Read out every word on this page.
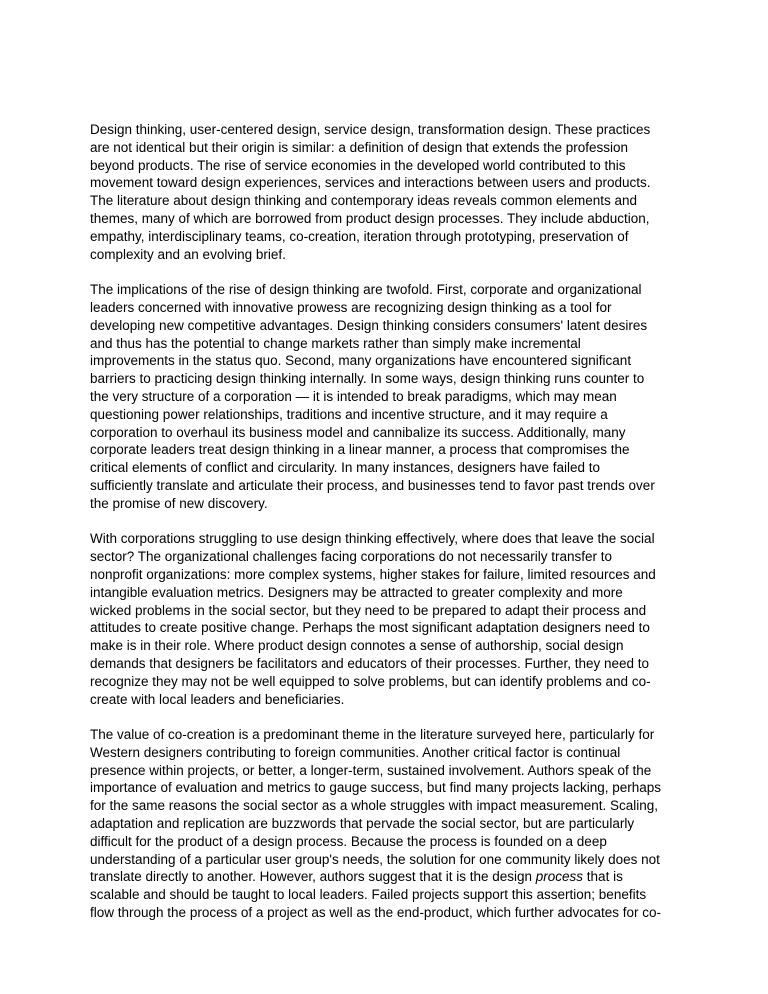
Design thinking, user-centered design, service design, transformation design. These practices
are not identical but their origin is similar: a definition of design that extends the profession
beyond products. The rise of service economies in the developed world contributed to this
movement toward design experiences, services and interactions between users and products.
The literature about design thinking and contemporary ideas reveals common elements and
themes, many of which are borrowed from product design processes. They include abduction,
empathy, interdisciplinary teams, co-creation, iteration through prototyping, preservation of
complexity and an evolving brief.

The implications of the rise of design thinking are twofold. First, corporate and organizational
leaders concerned with innovative prowess are recognizing design thinking as a tool for
developing new competitive advantages. Design thinking considers consumers' latent desires
and thus has the potential to change markets rather than simply make incremental
improvements in the status quo. Second, many organizations have encountered significant
barriers to practicing design thinking internally. In some ways, design thinking runs counter to
the very structure of a corporation — it is intended to break paradigms, which may mean
questioning power relationships, traditions and incentive structure, and it may require a
corporation to overhaul its business model and cannibalize its success. Additionally, many
corporate leaders treat design thinking in a linear manner, a process that compromises the
critical elements of conflict and circularity. In many instances, designers have failed to
sufficiently translate and articulate their process, and businesses tend to favor past trends over
the promise of new discovery.

With corporations struggling to use design thinking effectively, where does that leave the social
sector? The organizational challenges facing corporations do not necessarily transfer to
nonprofit organizations: more complex systems, higher stakes for failure, limited resources and
intangible evaluation metrics. Designers may be attracted to greater complexity and more
wicked problems in the social sector, but they need to be prepared to adapt their process and
attitudes to create positive change. Perhaps the most significant adaptation designers need to
make is in their role. Where product design connotes a sense of authorship, social design
demands that designers be facilitators and educators of their processes. Further, they need to
recognize they may not be well equipped to solve problems, but can identify problems and co-
create with local leaders and beneficiaries.

The value of co-creation is a predominant theme in the literature surveyed here, particularly for
Western designers contributing to foreign communities. Another critical factor is continual
presence within projects, or better, a longer-term, sustained involvement. Authors speak of the
importance of evaluation and metrics to gauge success, but find many projects lacking, perhaps
for the same reasons the social sector as a whole struggles with impact measurement. Scaling,
adaptation and replication are buzzwords that pervade the social sector, but are particularly
difficult for the product of a design process. Because the process is founded on a deep
understanding of a particular user group's needs, the solution for one community likely does not
translate directly to another. However, authors suggest that it is the design process that is
scalable and should be taught to local leaders. Failed projects support this assertion; benefits
flow through the process of a project as well as the end-product, which further advocates for co-
